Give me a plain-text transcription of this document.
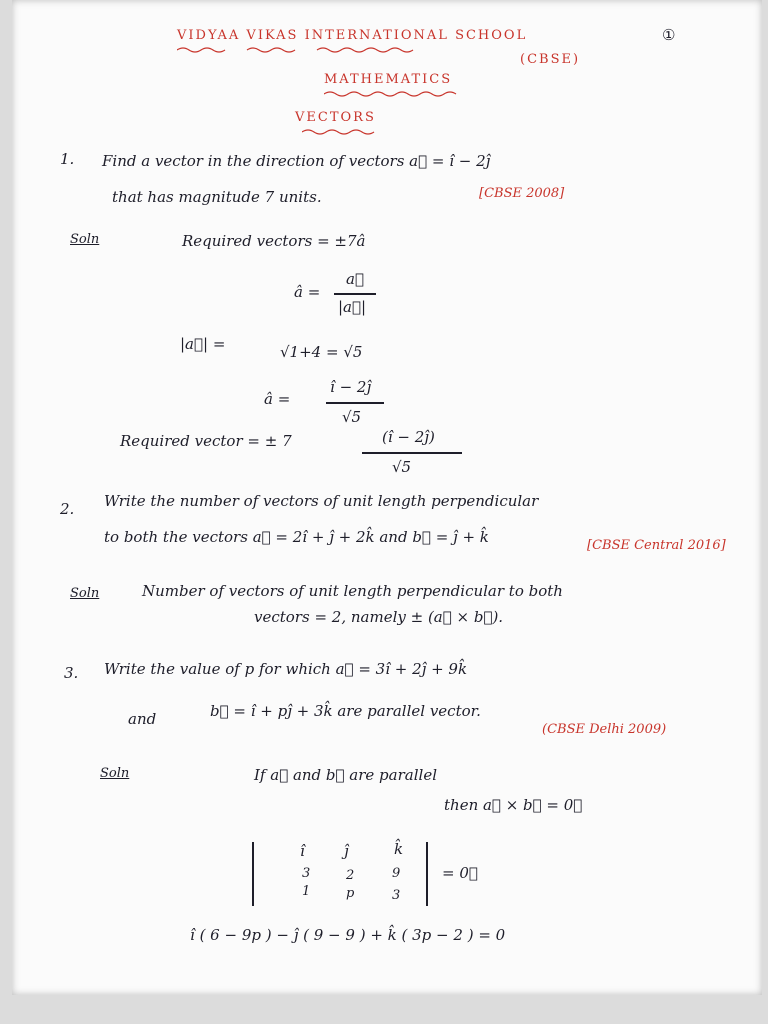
VIDYAA VIKAS INTERNATIONAL SCHOOL
(CBSE)
①
MATHEMATICS
VECTORS
1. Find a vector in the direction of vectors a⃗ = î − 2ĵ
that has magnitude 7 units.	[CBSE 2008]
Soln	Required vectors = ±7â
â =
a⃗
|a⃗|
|a⃗| =	√1+4 = √5
â =
î − 2ĵ
√5
Required vector = ± 7	(î − 2ĵ)
√5
2. Write the number of vectors of unit length perpendicular
to both the vectors a⃗ = 2î + ĵ + 2k̂ and b⃗ = ĵ + k̂	[CBSE Central 2016]
Soln	Number of vectors of unit length perpendicular to both
vectors = 2, namely ± (a⃗ × b⃗).
3. Write the value of p for which a⃗ = 3î + 2ĵ + 9k̂
and	b⃗ = î + pĵ + 3k̂ are parallel vector.
(CBSE Delhi 2009)
Soln	If a⃗ and b⃗ are parallel
then a⃗ × b⃗ = 0⃗
î	ĵ	k̂
3	2	9
1	p	3
= 0⃗
î ( 6 − 9p ) − ĵ ( 9 − 9 ) + k̂ ( 3p − 2 ) = 0
